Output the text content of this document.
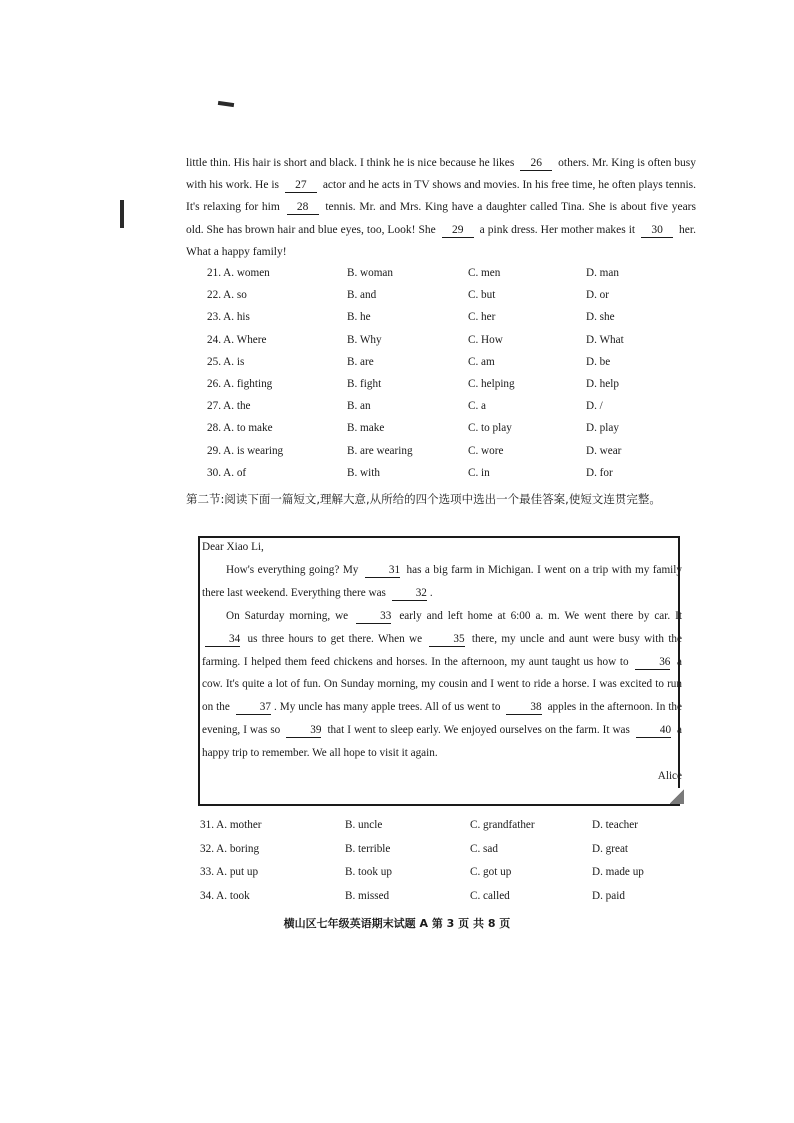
little thin. His hair is short and black. I think he is nice because he likes 26 others. Mr. King is often busy with his work. He is 27 actor and he acts in TV shows and movies. In his free time, he often plays tennis. It's relaxing for him 28 tennis. Mr. and Mrs. King have a daughter called Tina. She is about five years old. She has brown hair and blue eyes, too, Look! She 29 a pink dress. Her mother makes it 30 her. What a happy family!

21. A. women	B. woman	C. men	D. man
22. A. so	B. and	C. but	D. or
23. A. his	B. he	C. her	D. she
24. A. Where	B. Why	C. How	D. What
25. A. is	B. are	C. am	D. be
26. A. fighting	B. fight	C. helping	D. help
27. A. the	B. an	C. a	D. /
28. A. to make	B. make	C. to play	D. play
29. A. is wearing	B. are wearing	C. wore	D. wear
30. A. of	B. with	C. in	D. for
第二节:阅读下面一篇短文,理解大意,从所给的四个选项中选出一个最佳答案,使短文连贯完整。

Dear Xiao Li,

How's everything going? My 31 has a big farm in Michigan. I went on a trip with my family there last weekend. Everything there was 32 .

On Saturday morning, we 33 early and left home at 6:00 a. m. We went there by car. It 34 us three hours to get there. When we 35 there, my uncle and aunt were busy with the farming. I helped them feed chickens and horses. In the afternoon, my aunt taught us how to 36 a cow. It's quite a lot of fun. On Sunday morning, my cousin and I went to ride a horse. I was excited to run on the 37 . My uncle has many apple trees. All of us went to 38 apples in the afternoon. In the evening, I was so 39 that I went to sleep early. We enjoyed ourselves on the farm. It was 40 a happy trip to remember. We all hope to visit it again.

Alice

31. A. mother	B. uncle	C. grandfather	D. teacher
32. A. boring	B. terrible	C. sad	D. great
33. A. put up	B. took up	C. got up	D. made up
34. A. took	B. missed	C. called	D. paid
横山区七年级英语期末试题 A 第 3 页 共 8 页
